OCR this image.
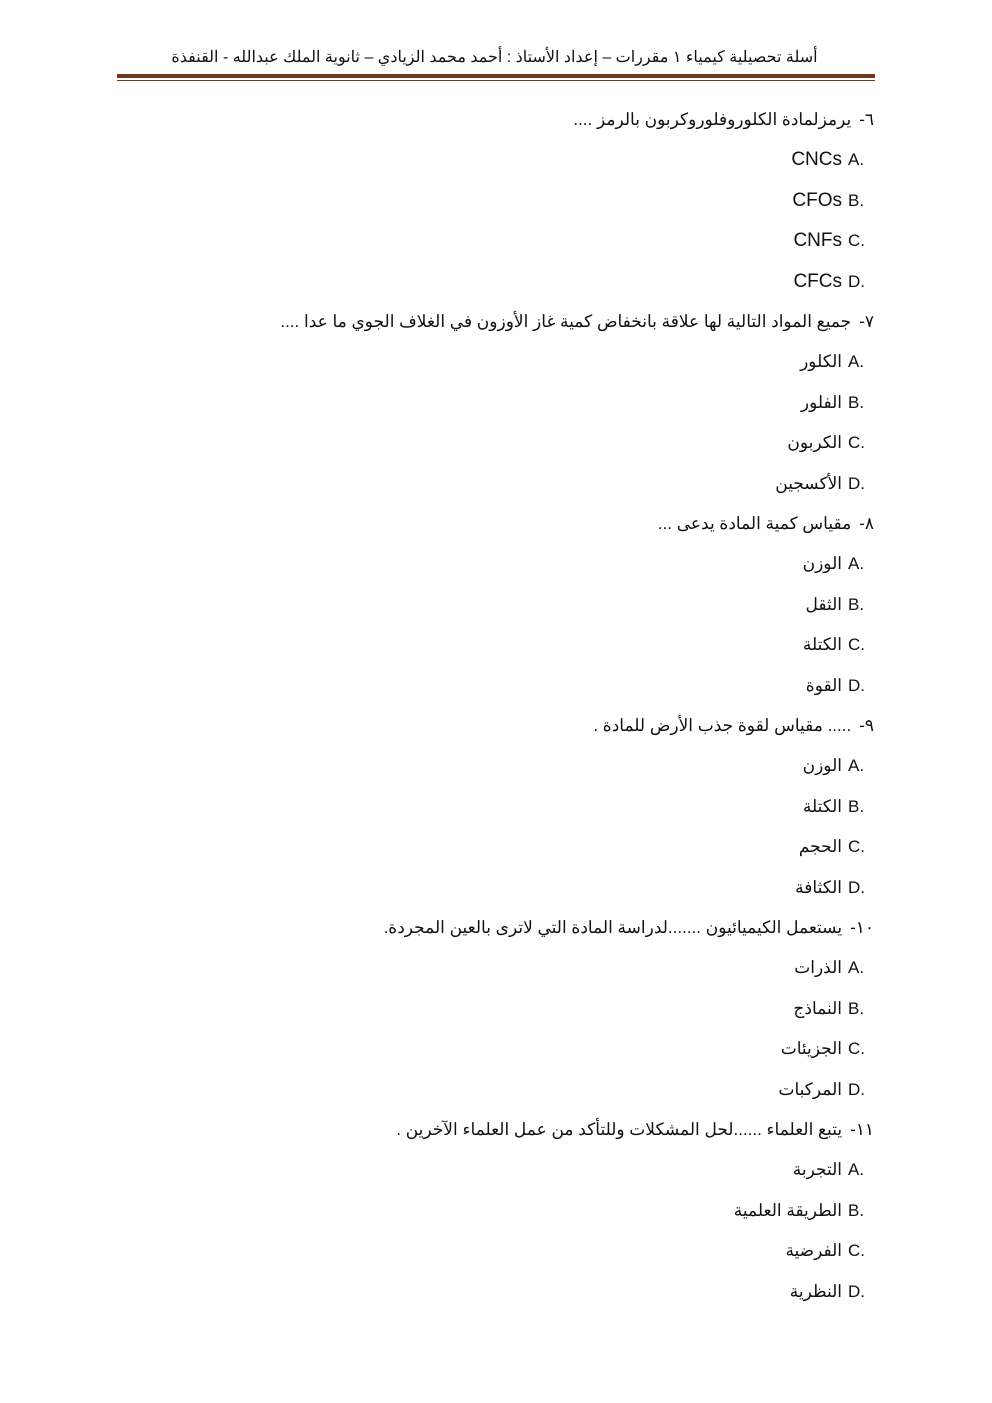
أسلة تحصيلية كيمياء ١ مقررات – إعداد الأستاذ : أحمد محمد الزيادي – ثانوية الملك عبدالله - القنفذة
٦-
يرمزلمادة الكلوروفلوروكربون بالرمز ....
A.
CNCs
B.
CFOs
C.
CNFs
D.
CFCs
٧-
جميع المواد التالية لها علاقة بانخفاض كمية غاز الأوزون في الغلاف الجوي ما عدا ....
A.
الكلور
B.
الفلور
C.
الكربون
D.
الأكسجين
٨-
مقياس كمية المادة يدعى ...
A.
الوزن
B.
الثقل
C.
الكتلة
D.
القوة
٩-
..... مقياس لقوة جذب الأرض للمادة .
A.
الوزن
B.
الكتلة
C.
الحجم
D.
الكثافة
١٠-
يستعمل الكيميائيون .......لدراسة المادة التي لاترى بالعين المجردة.
A.
الذرات
B.
النماذج
C.
الجزيئات
D.
المركبات
١١-
يتبع العلماء ......لحل المشكلات وللتأكد من عمل العلماء الآخرين .
A.
التجربة
B.
الطريقة العلمية
C.
الفرضية
D.
النظرية
